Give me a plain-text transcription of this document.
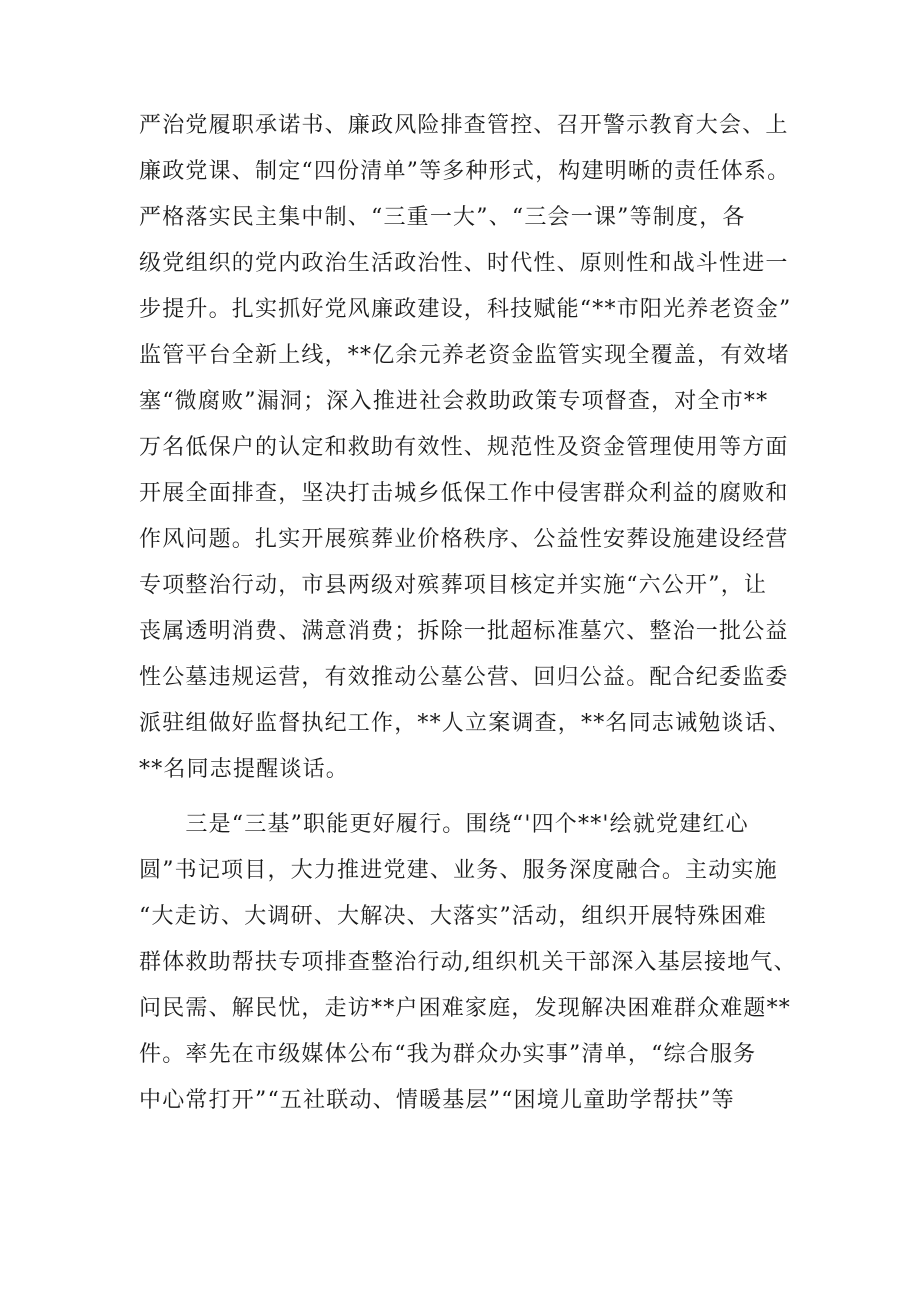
严治党履职承诺书、廉政风险排查管控、召开警示教育大会、上
廉政党课、制定“四份清单”等多种形式，构建明晰的责任体系。
严格落实民主集中制、“三重一大”、“三会一课”等制度，各
级党组织的党内政治生活政治性、时代性、原则性和战斗性进一
步提升。扎实抓好党风廉政建设，科技赋能“**市阳光养老资金”
监管平台全新上线，**亿余元养老资金监管实现全覆盖，有效堵
塞“微腐败”漏洞；深入推进社会救助政策专项督查，对全市**
万名低保户的认定和救助有效性、规范性及资金管理使用等方面
开展全面排查，坚决打击城乡低保工作中侵害群众利益的腐败和
作风问题。扎实开展殡葬业价格秩序、公益性安葬设施建设经营
专项整治行动，市县两级对殡葬项目核定并实施“六公开”，让
丧属透明消费、满意消费；拆除一批超标准墓穴、整治一批公益
性公墓违规运营，有效推动公墓公营、回归公益。配合纪委监委
派驻组做好监督执纪工作，**人立案调查，**名同志诫勉谈话、
**名同志提醒谈话。
　　三是“三基”职能更好履行。围绕“'四个**'绘就党建红心
圆”书记项目，大力推进党建、业务、服务深度融合。主动实施
“大走访、大调研、大解决、大落实”活动，组织开展特殊困难
群体救助帮扶专项排查整治行动,组织机关干部深入基层接地气、
问民需、解民忧，走访**户困难家庭，发现解决困难群众难题**
件。率先在市级媒体公布“我为群众办实事”清单，“综合服务
中心常打开”“五社联动、情暖基层”“困境儿童助学帮扶”等
